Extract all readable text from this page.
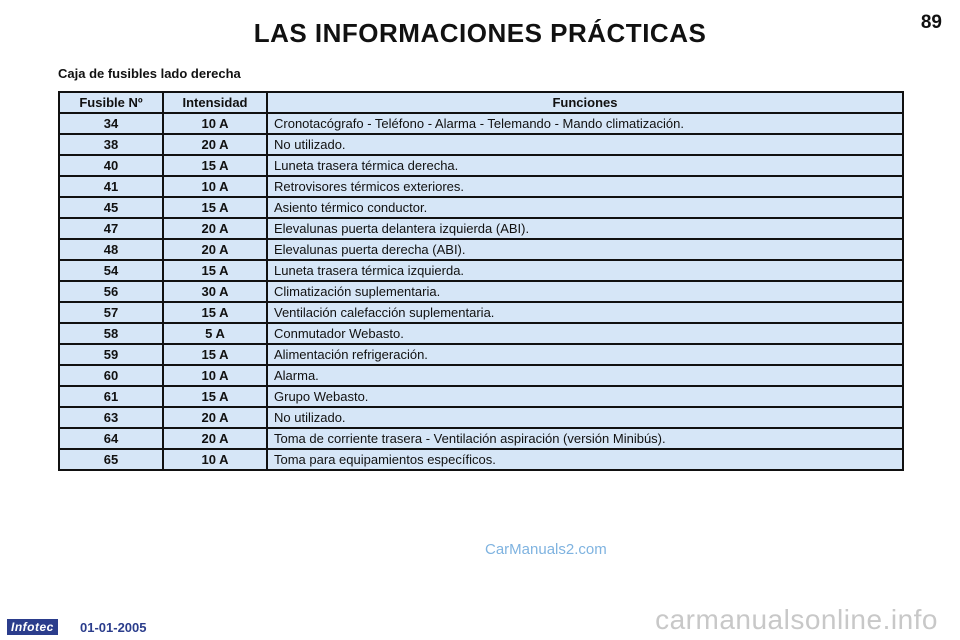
LAS INFORMACIONES PRÁCTICAS	89
Caja de fusibles lado derecha
Fusible Nº	Intensidad	Funciones
34	10 A	Cronotacógrafo - Teléfono - Alarma - Telemando - Mando climatización.
38	20 A	No utilizado.
40	15 A	Luneta trasera térmica derecha.
41	10 A	Retrovisores térmicos exteriores.
45	15 A	Asiento térmico conductor.
47	20 A	Elevalunas puerta delantera izquierda (ABI).
48	20 A	Elevalunas puerta derecha (ABI).
54	15 A	Luneta trasera térmica izquierda.
56	30 A	Climatización suplementaria.
57	15 A	Ventilación calefacción suplementaria.
58	5 A	Conmutador Webasto.
59	15 A	Alimentación refrigeración.
60	10 A	Alarma.
61	15 A	Grupo Webasto.
63	20 A	No utilizado.
64	20 A	Toma de corriente trasera - Ventilación aspiración (versión Minibús).
65	10 A	Toma para equipamientos específicos.
CarManuals2.com
Infotec	01-01-2005	carmanualsonline.info
